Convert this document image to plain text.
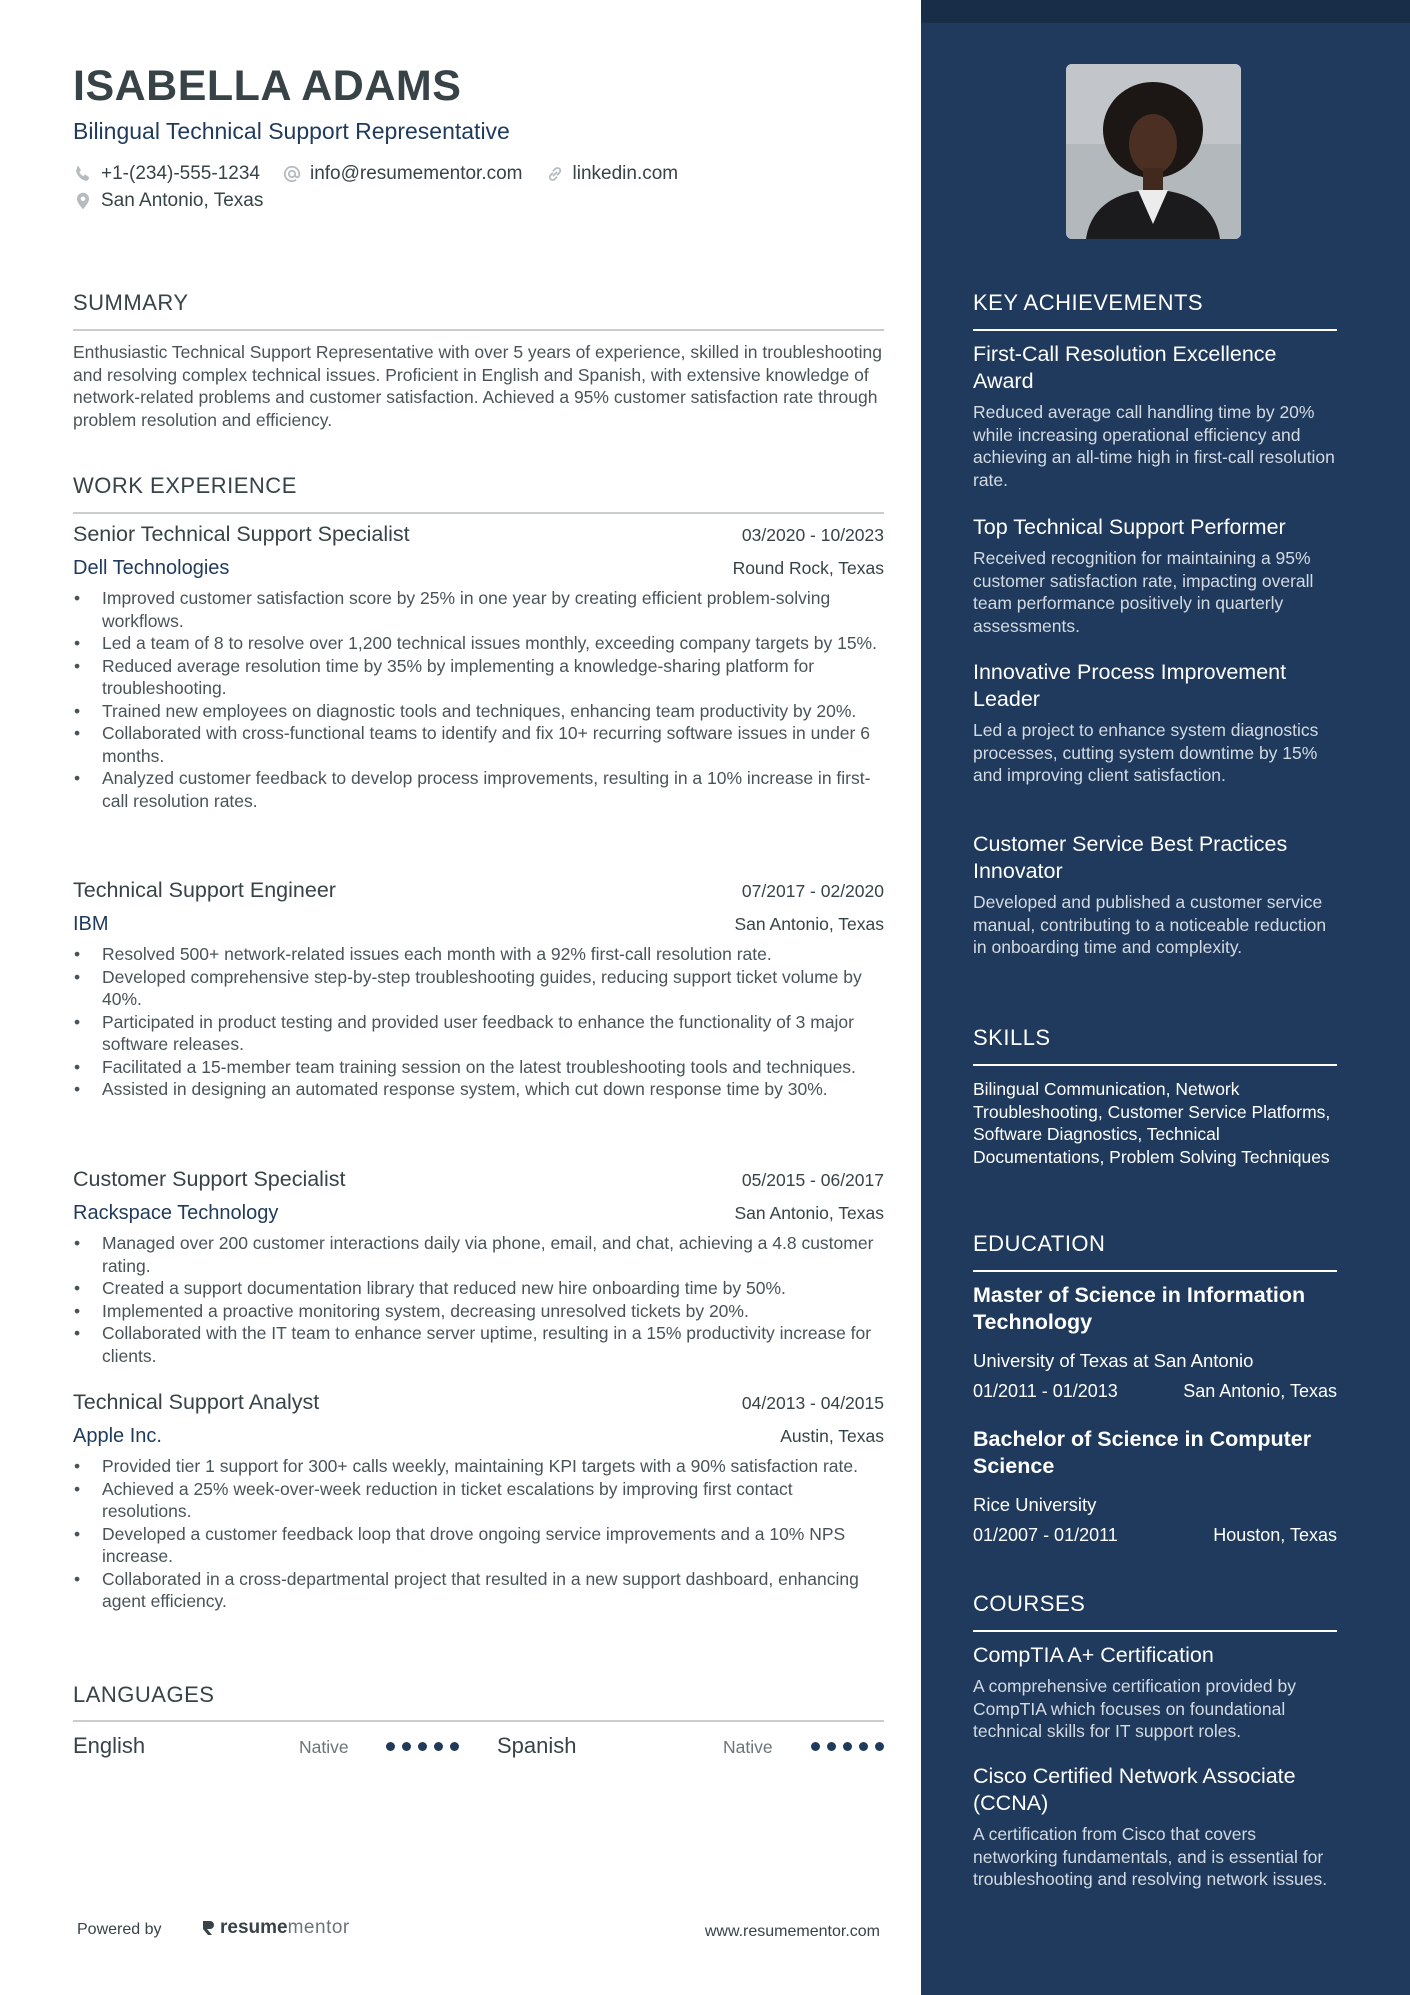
ISABELLA ADAMS
Bilingual Technical Support Representative
+1-(234)-555-1234	info@resumementor.com	linkedin.com
San Antonio, Texas
SUMMARY
Enthusiastic Technical Support Representative with over 5 years of experience, skilled in troubleshooting and resolving complex technical issues. Proficient in English and Spanish, with extensive knowledge of network-related problems and customer satisfaction. Achieved a 95% customer satisfaction rate through problem resolution and efficiency.
WORK EXPERIENCE
Senior Technical Support Specialist	03/2020 - 10/2023
Dell Technologies	Round Rock, Texas
• Improved customer satisfaction score by 25% in one year by creating efficient problem-solving workflows.
• Led a team of 8 to resolve over 1,200 technical issues monthly, exceeding company targets by 15%.
• Reduced average resolution time by 35% by implementing a knowledge-sharing platform for troubleshooting.
• Trained new employees on diagnostic tools and techniques, enhancing team productivity by 20%.
• Collaborated with cross-functional teams to identify and fix 10+ recurring software issues in under 6 months.
• Analyzed customer feedback to develop process improvements, resulting in a 10% increase in first-call resolution rates.
Technical Support Engineer	07/2017 - 02/2020
IBM	San Antonio, Texas
• Resolved 500+ network-related issues each month with a 92% first-call resolution rate.
• Developed comprehensive step-by-step troubleshooting guides, reducing support ticket volume by 40%.
• Participated in product testing and provided user feedback to enhance the functionality of 3 major software releases.
• Facilitated a 15-member team training session on the latest troubleshooting tools and techniques.
• Assisted in designing an automated response system, which cut down response time by 30%.
Customer Support Specialist	05/2015 - 06/2017
Rackspace Technology	San Antonio, Texas
• Managed over 200 customer interactions daily via phone, email, and chat, achieving a 4.8 customer rating.
• Created a support documentation library that reduced new hire onboarding time by 50%.
• Implemented a proactive monitoring system, decreasing unresolved tickets by 20%.
• Collaborated with the IT team to enhance server uptime, resulting in a 15% productivity increase for clients.
Technical Support Analyst	04/2013 - 04/2015
Apple Inc.	Austin, Texas
• Provided tier 1 support for 300+ calls weekly, maintaining KPI targets with a 90% satisfaction rate.
• Achieved a 25% week-over-week reduction in ticket escalations by improving first contact resolutions.
• Developed a customer feedback loop that drove ongoing service improvements and a 10% NPS increase.
• Collaborated in a cross-departmental project that resulted in a new support dashboard, enhancing agent efficiency.
LANGUAGES
English	Native	Spanish	Native
Powered by	resume mentor	www.resumementor.com
KEY ACHIEVEMENTS
First-Call Resolution Excellence Award
Reduced average call handling time by 20% while increasing operational efficiency and achieving an all-time high in first-call resolution rate.
Top Technical Support Performer
Received recognition for maintaining a 95% customer satisfaction rate, impacting overall team performance positively in quarterly assessments.
Innovative Process Improvement Leader
Led a project to enhance system diagnostics processes, cutting system downtime by 15% and improving client satisfaction.
Customer Service Best Practices Innovator
Developed and published a customer service manual, contributing to a noticeable reduction in onboarding time and complexity.
SKILLS
Bilingual Communication, Network Troubleshooting, Customer Service Platforms, Software Diagnostics, Technical Documentations, Problem Solving Techniques
EDUCATION
Master of Science in Information Technology
University of Texas at San Antonio
01/2011 - 01/2013	San Antonio, Texas
Bachelor of Science in Computer Science
Rice University
01/2007 - 01/2011	Houston, Texas
COURSES
CompTIA A+ Certification
A comprehensive certification provided by CompTIA which focuses on foundational technical skills for IT support roles.
Cisco Certified Network Associate (CCNA)
A certification from Cisco that covers networking fundamentals, and is essential for troubleshooting and resolving network issues.
